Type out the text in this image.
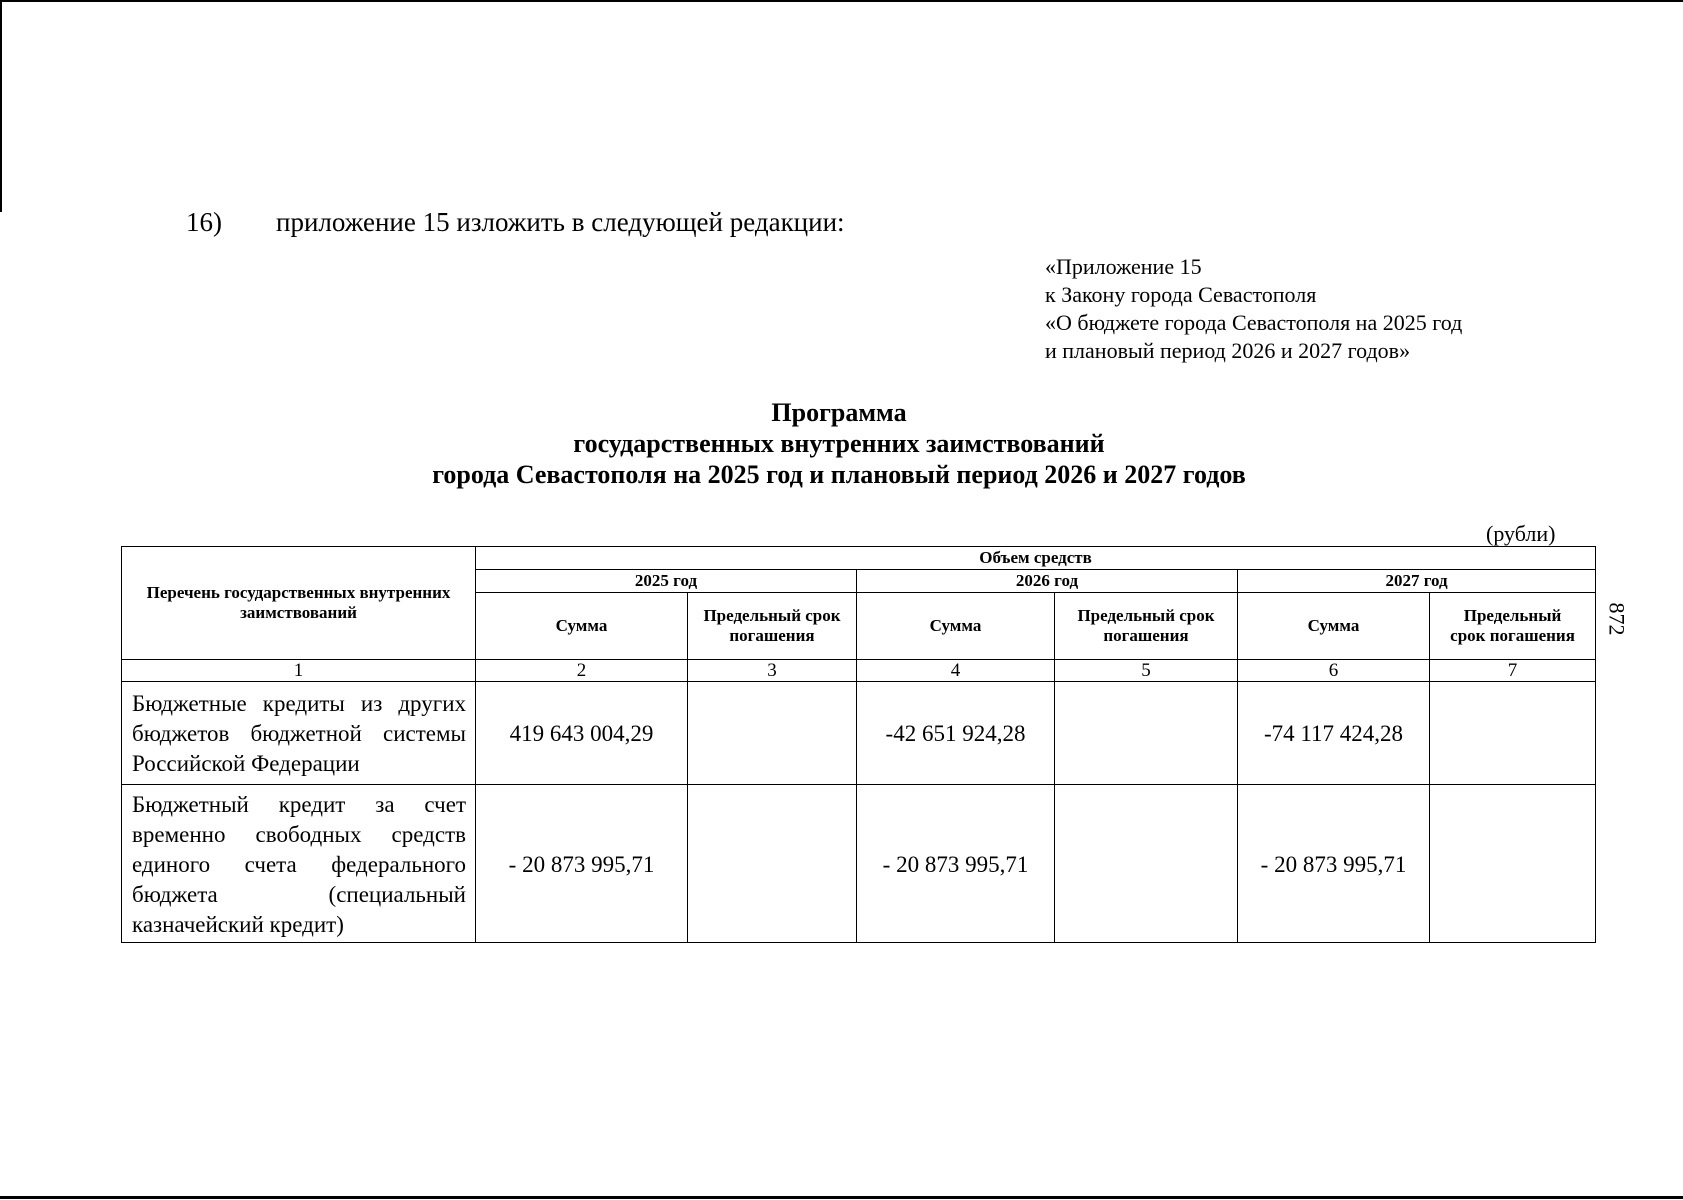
16) приложение 15 изложить в следующей редакции:
«Приложение 15
к Закону города Севастополя
«О бюджете города Севастополя на 2025 год
и плановый период 2026 и 2027 годов»
Программа
государственных внутренних заимствований
города Севастополя на 2025 год и плановый период 2026 и 2027 годов
(рубли)
872
Перечень государственных внутренних заимствований	Объем средств					
	2025 год		2026 год		2027 год	
	Сумма	Предельный срок погашения	Сумма	Предельный срок погашения	Сумма	Предельный срок погашения
1	2	3	4	5	6	7
Бюджетные кредиты из других бюджетов бюджетной системы Российской Федерации	419 643 004,29		-42 651 924,28		-74 117 424,28	
Бюджетный кредит за счет временно свободных средств единого счета федерального бюджета (специальный казначейский кредит)	- 20 873 995,71		- 20 873 995,71		- 20 873 995,71	
